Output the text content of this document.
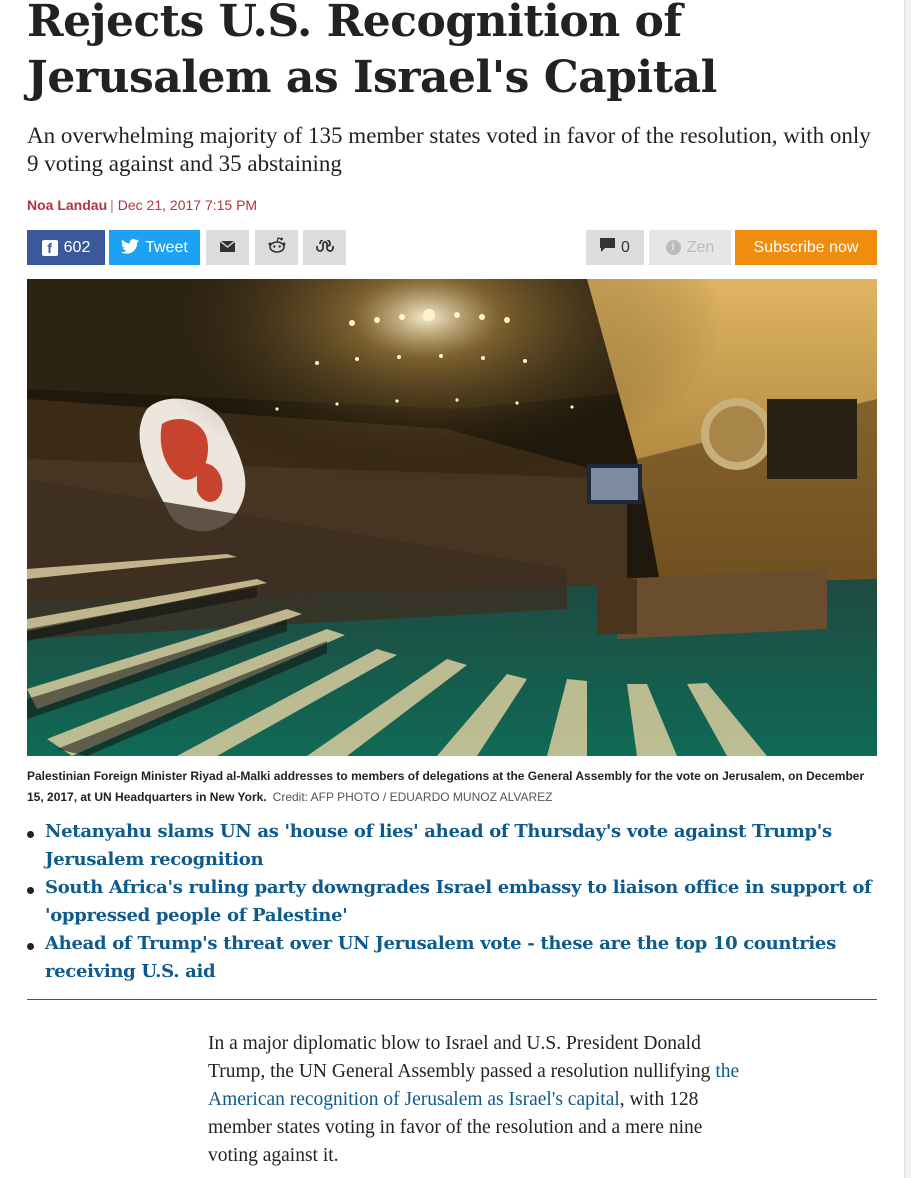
Rejects U.S. Recognition of Jerusalem as Israel's Capital

An overwhelming majority of 135 member states voted in favor of the resolution, with only 9 voting against and 35 abstaining

Noa Landau | Dec 21, 2017 7:15 PM
f 602	Tweet	0	i Zen Subscribe now

Palestinian Foreign Minister Riyad al-Malki addresses to members of delegations at the General Assembly for the vote on Jerusalem, on December 15, 2017, at UN Headquarters in New York. Credit: AFP PHOTO / EDUARDO MUNOZ ALVAREZ

Netanyahu slams UN as 'house of lies' ahead of Thursday's vote against Trump's Jerusalem recognition
South Africa's ruling party downgrades Israel embassy to liaison office in support of 'oppressed people of Palestine'
Ahead of Trump's threat over UN Jerusalem vote - these are the top 10 countries receiving U.S. aid

In a major diplomatic blow to Israel and U.S. President Donald Trump, the UN General Assembly passed a resolution nullifying the American recognition of Jerusalem as Israel's capital, with 128 member states voting in favor of the resolution and a mere nine voting against it.
